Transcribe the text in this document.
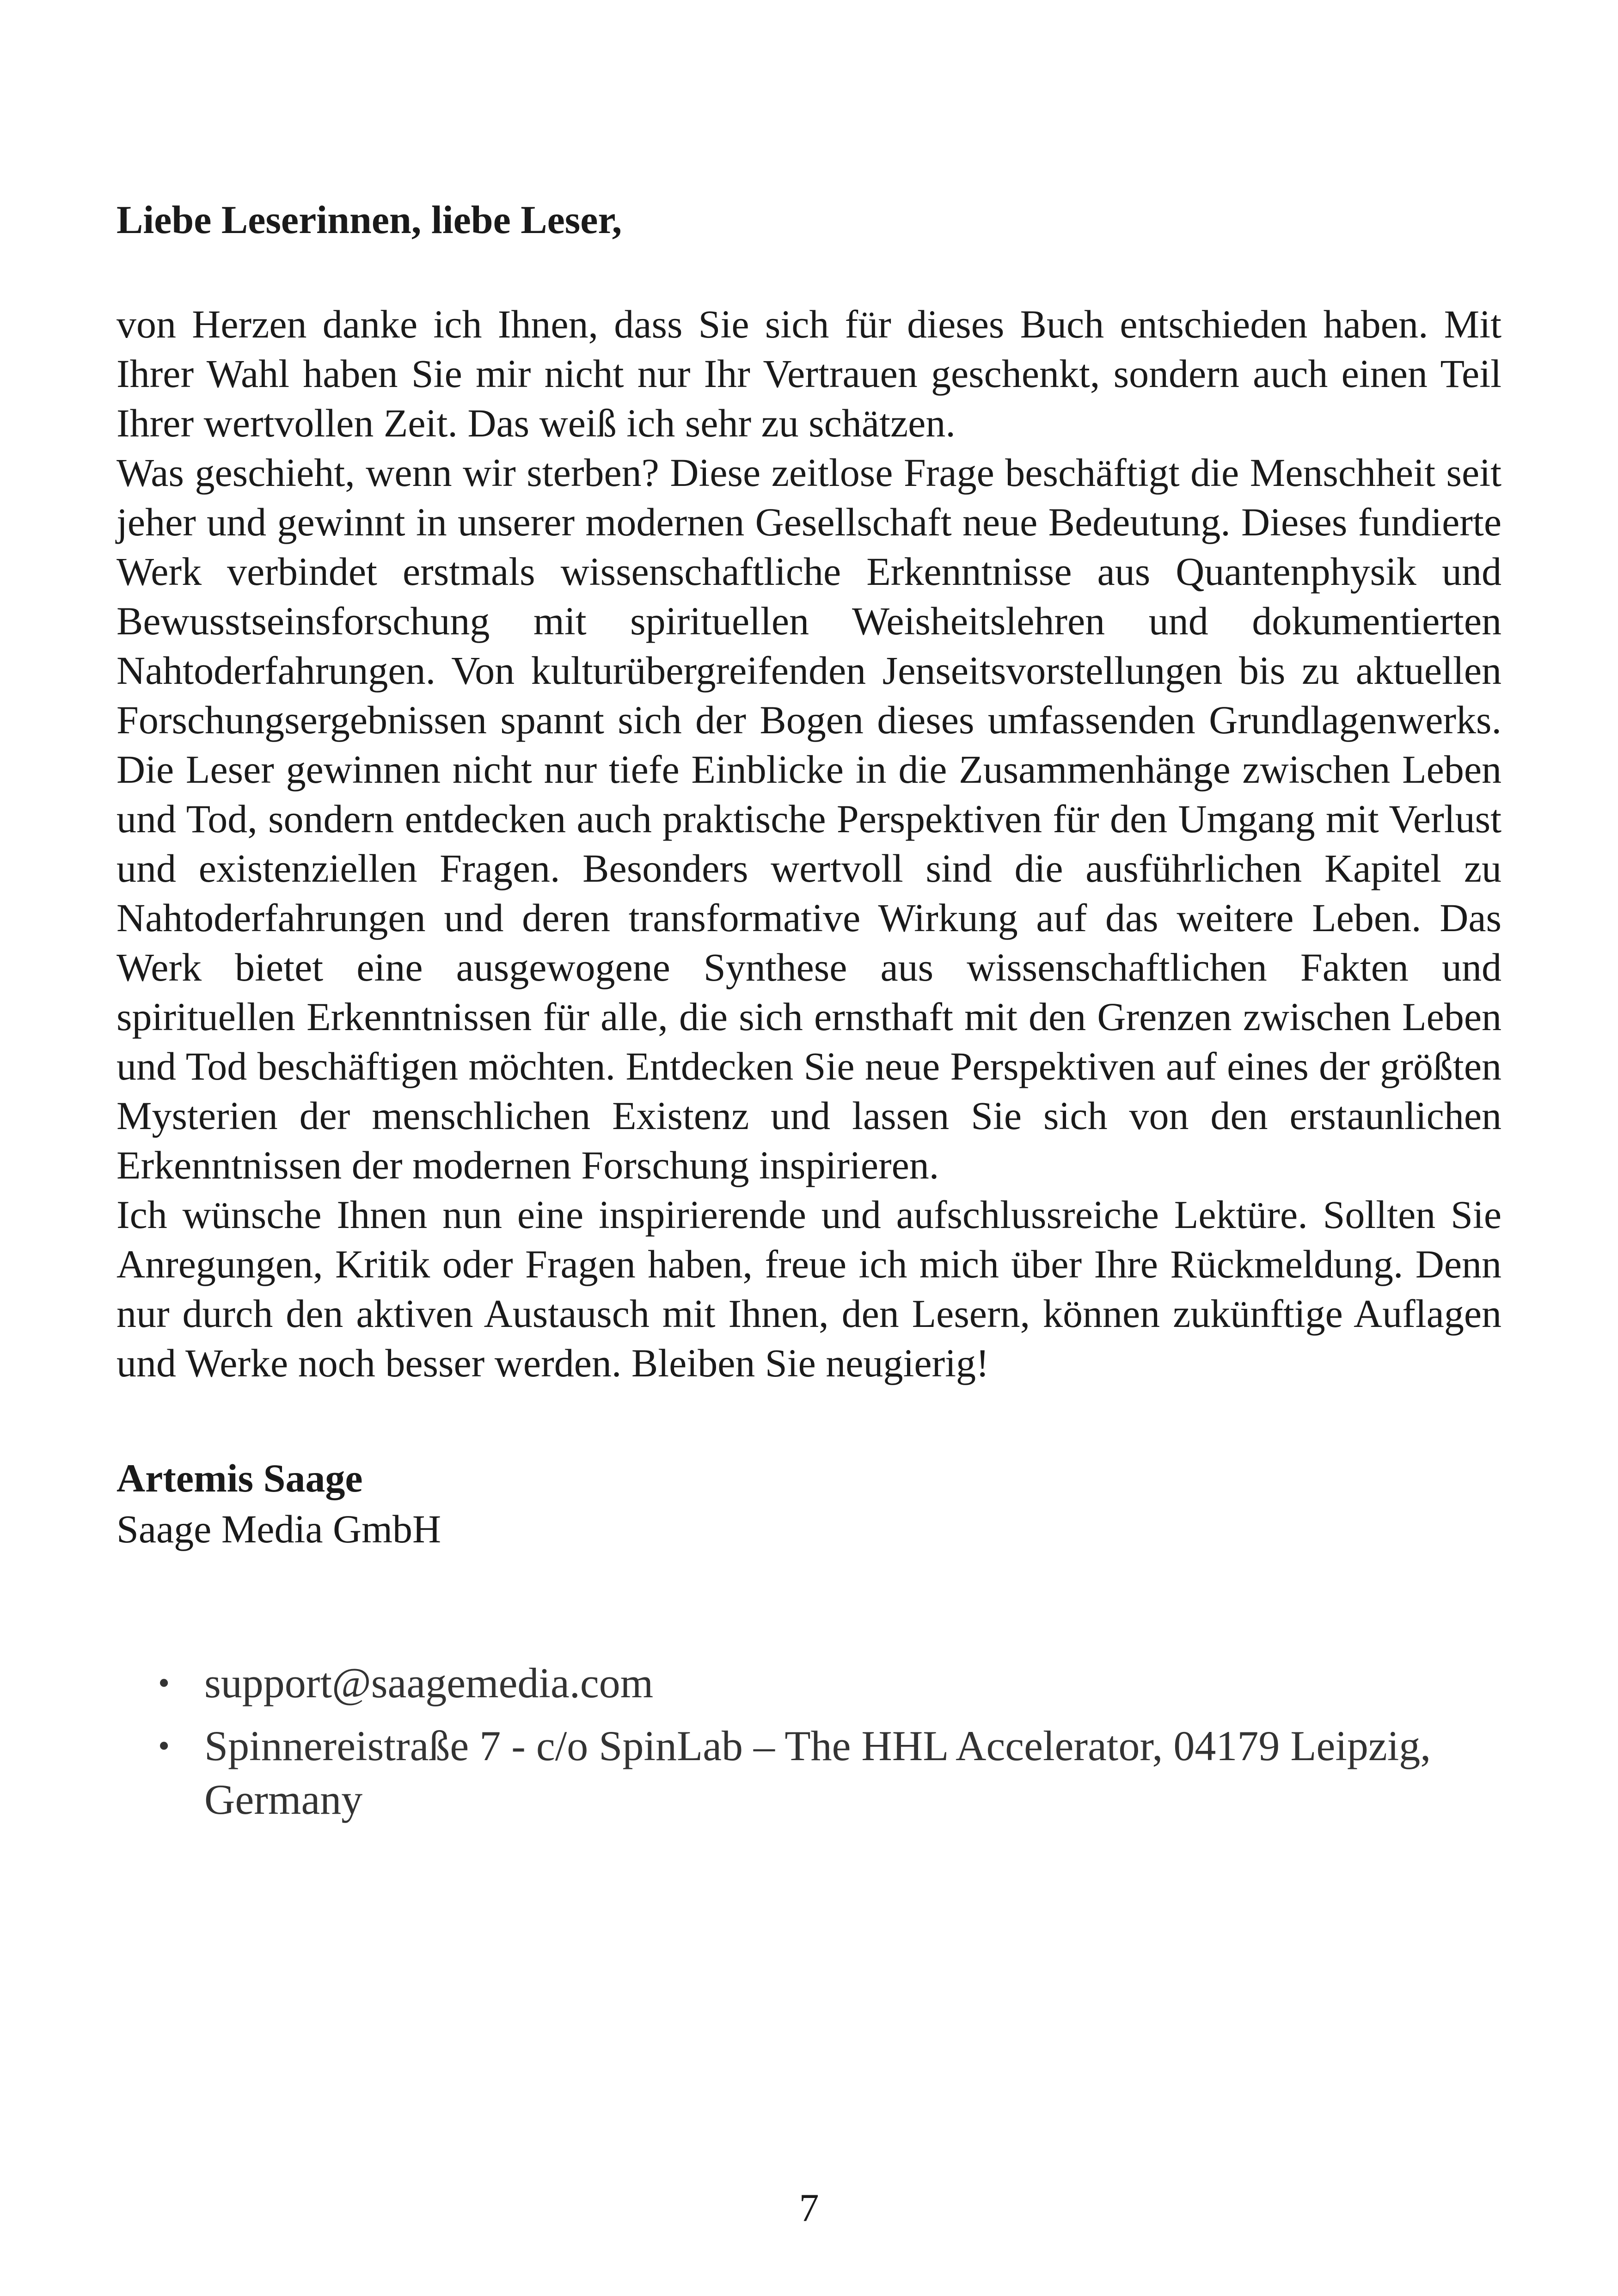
Liebe Leserinnen, liebe Leser,

von Herzen danke ich Ihnen, dass Sie sich für dieses Buch entschieden haben. Mit Ihrer Wahl haben Sie mir nicht nur Ihr Vertrauen geschenkt, sondern auch einen Teil Ihrer wertvollen Zeit. Das weiß ich sehr zu schätzen.

Was geschieht, wenn wir sterben? Diese zeitlose Frage beschäftigt die Menschheit seit jeher und gewinnt in unserer modernen Gesellschaft neue Bedeutung. Dieses fundierte Werk verbindet erstmals wissenschaftliche Erkenntnisse aus Quantenphysik und Bewusstseinsforschung mit spirituellen Weisheitslehren und dokumentierten Nahtoderfahrungen. Von kulturübergreifenden Jenseitsvorstellungen bis zu aktuellen Forschungsergebnissen spannt sich der Bogen dieses umfassenden Grundlagenwerks. Die Leser gewinnen nicht nur tiefe Einblicke in die Zusammenhänge zwischen Leben und Tod, sondern entdecken auch praktische Perspektiven für den Umgang mit Verlust und existenziellen Fragen. Besonders wertvoll sind die ausführlichen Kapitel zu Nahtoderfahrungen und deren transformative Wirkung auf das weitere Leben. Das Werk bietet eine ausgewogene Synthese aus wissenschaftlichen Fakten und spirituellen Erkenntnissen für alle, die sich ernsthaft mit den Grenzen zwischen Leben und Tod beschäftigen möchten. Entdecken Sie neue Perspektiven auf eines der größten Mysterien der menschlichen Existenz und lassen Sie sich von den erstaunlichen Erkenntnissen der modernen Forschung inspirieren.

Ich wünsche Ihnen nun eine inspirierende und aufschlussreiche Lektüre. Sollten Sie Anregungen, Kritik oder Fragen haben, freue ich mich über Ihre Rückmeldung. Denn nur durch den aktiven Austausch mit Ihnen, den Lesern, können zukünftige Auflagen und Werke noch besser werden. Bleiben Sie neugierig!

Artemis Saage
Saage Media GmbH
• support@saagemedia.com
• Spinnereistraße 7 - c/o SpinLab – The HHL Accelerator, 04179 Leipzig, Germany
7
